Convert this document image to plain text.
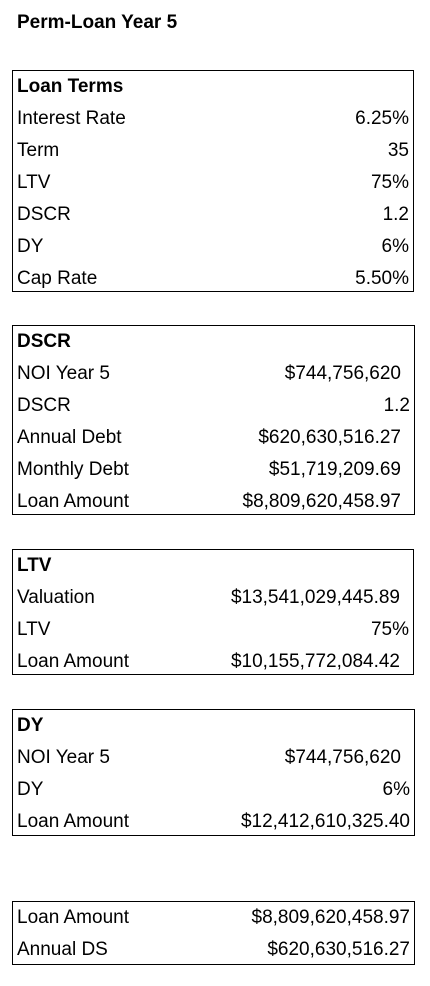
Perm-Loan Year 5
Loan Terms
Interest Rate	6.25%
Term	35
LTV	75%
DSCR	1.2
DY	6%
Cap Rate	5.50%
DSCR
NOI Year 5	$744,756,620
DSCR	1.2
Annual Debt	$620,630,516.27
Monthly Debt	$51,719,209.69
Loan Amount	$8,809,620,458.97
LTV
Valuation	$13,541,029,445.89
LTV	75%
Loan Amount	$10,155,772,084.42
DY
NOI Year 5	$744,756,620
DY	6%
Loan Amount	$12,412,610,325.40
Loan Amount	$8,809,620,458.97
Annual DS	$620,630,516.27
